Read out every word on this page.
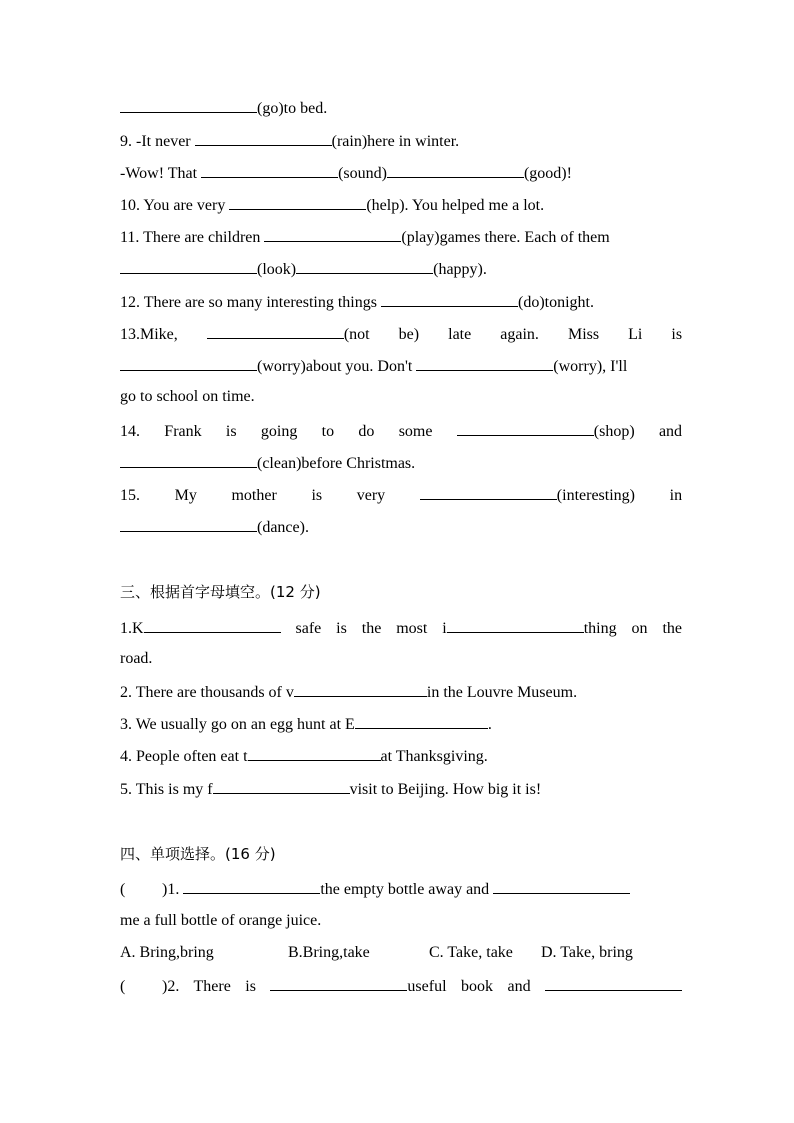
(go)to bed.
9. -It never	(rain)here in winter.
-Wow! That	(sound)	(good)!
10. You are very	(help). You helped me a lot.
11. There are children	(play)games there. Each of them
(look)	(happy).
12. There are so many interesting things	(do)tonight.
13.Mike,	(not be) late again. Miss Li is
(worry)about you. Don't	(worry), I'll
go to school on time.
14. Frank is going to do some	(shop) and
(clean)before Christmas.
15. My mother is very	(interesting) in
(dance).
三、根据首字母填空。(12 分)
1.K	safe is the most i	thing on the
road.
2. There are thousands of v	in the Louvre Museum.
3. We usually go on an egg hunt at E	.
4. People often eat t	at Thanksgiving.
5. This is my f	visit to Beijing. How big it is!
四、单项选择。(16 分)
( )1.	the empty bottle away and
me a full bottle of orange juice.
A. Bring,bring	B.Bring,take	C. Take, take D. Take, bring
( )2. There is	useful book and
